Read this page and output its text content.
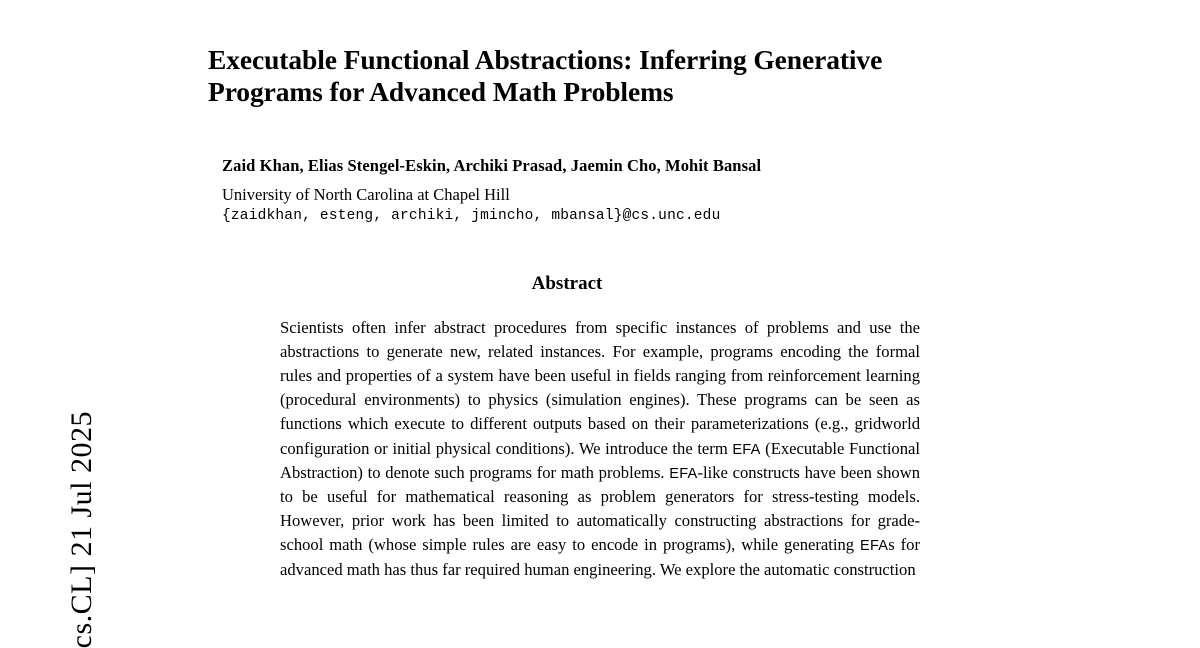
cs.CL] 21 Jul 2025
Executable Functional Abstractions: Inferring Generative Programs for Advanced Math Problems
Zaid Khan, Elias Stengel-Eskin, Archiki Prasad, Jaemin Cho, Mohit Bansal
University of North Carolina at Chapel Hill
{zaidkhan, esteng, archiki, jmincho, mbansal}@cs.unc.edu
Abstract
Scientists often infer abstract procedures from specific instances of problems and use the abstractions to generate new, related instances. For example, programs encoding the formal rules and properties of a system have been useful in fields ranging from reinforcement learning (procedural environments) to physics (simulation engines). These programs can be seen as functions which execute to different outputs based on their parameterizations (e.g., gridworld configuration or initial physical conditions). We introduce the term EFA (Executable Functional Abstraction) to denote such programs for math problems. EFA-like constructs have been shown to be useful for mathematical reasoning as problem generators for stress-testing models. However, prior work has been limited to automatically constructing abstractions for grade-school math (whose simple rules are easy to encode in programs), while generating EFAs for advanced math has thus far required human engineering. We explore the automatic construction
